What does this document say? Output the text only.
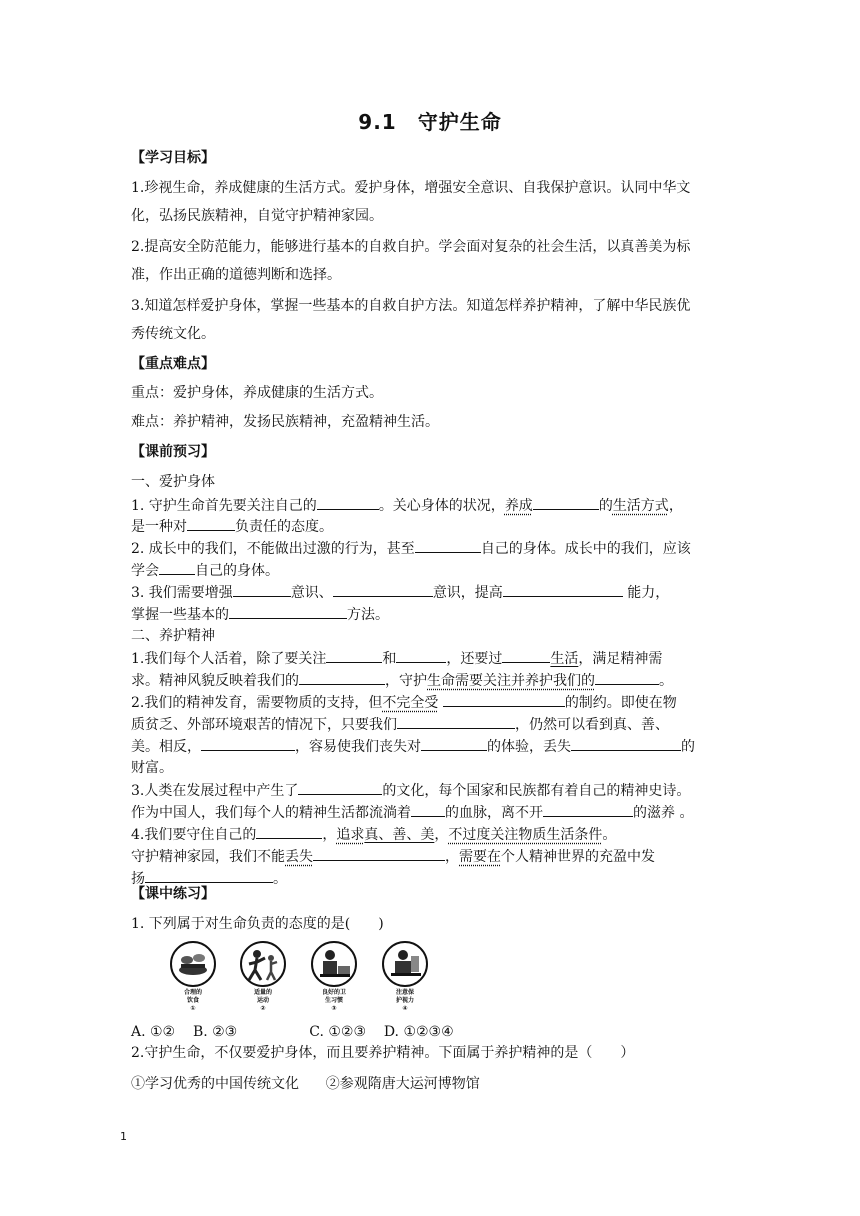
9.1　守护生命
【学习目标】
1.珍视生命，养成健康的生活方式。爱护身体，增强安全意识、自我保护意识。认同中华文
化，弘扬民族精神，自觉守护精神家园。
2.提高安全防范能力，能够进行基本的自救自护。学会面对复杂的社会生活，以真善美为标
准，作出正确的道德判断和选择。
3.知道怎样爱护身体，掌握一些基本的自救自护方法。知道怎样养护精神，了解中华民族优
秀传统文化。
【重点难点】
重点：爱护身体，养成健康的生活方式。
难点：养护精神，发扬民族精神，充盈精神生活。
【课前预习】
一、爱护身体
1. 守护生命首先要关注自己的	。关心身体的状况，养成	的生活方式，
是一种对	负责任的态度。
2. 成长中的我们，不能做出过激的行为，甚至	自己的身体。成长中的我们，应该
学会	自己的身体。
3. 我们需要增强	意识、	意识，提高	能力，
掌握一些基本的	方法。
二、养护精神
1.我们每个人活着，除了要关注	和	，还要过	生活，满足精神需
求。精神风貌反映着我们的	，守护生命需要关注并养护我们的	。
2.我们的精神发育，需要物质的支持，但不完全受	的制约。即使在物
质贫乏、外部环境艰苦的情况下，只要我们	，仍然可以看到真、善、
美。相反，	，容易使我们丧失对	的体验，丢失	的
财富。
3.人类在发展过程中产生了	的文化，每个国家和民族都有着自己的精神史诗。
作为中国人，我们每个人的精神生活都流淌着 的血脉，离不开	的滋养 。
4.我们要守住自己的	，追求真、善、美，不过度关注物质生活条件。
守护精神家园，我们不能丢失	，需要在个人精神世界的充盈中发
扬	。
【课中练习】
1. 下列属于对生命负责的态度的是(　　)
合理的
饮食
①
适量的
运动
②
良好的卫
生习惯
③
注意保
护视力
④
A. ①② B. ②③	C. ①②③ D. ①②③④
2.守护生命，不仅要爱护身体，而且要养护精神。下面属于养护精神的是（　　）
①学习优秀的中国传统文化 ②参观隋唐大运河博物馆
1
